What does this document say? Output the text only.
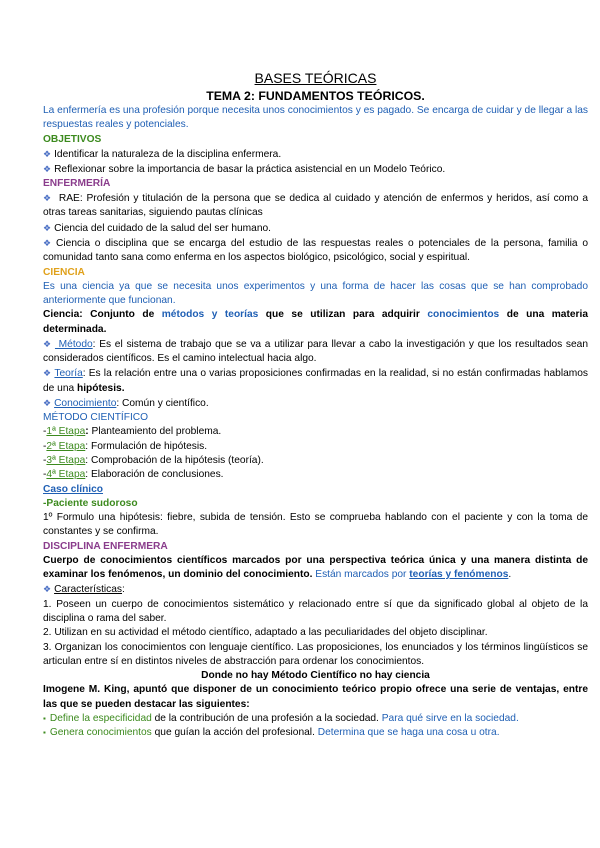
BASES TEÓRICAS
TEMA 2: FUNDAMENTOS TEÓRICOS.

La enfermería es una profesión porque necesita unos conocimientos y es pagado. Se encarga de cuidar y de llegar a las respuestas reales y potenciales.

OBJETIVOS

❖ Identificar la naturaleza de la disciplina enfermera.

❖ Reflexionar sobre la importancia de basar la práctica asistencial en un Modelo Teórico.

ENFERMERÍA

❖ RAE: Profesión y titulación de la persona que se dedica al cuidado y atención de enfermos y heridos, así como a otras tareas sanitarias, siguiendo pautas clínicas

❖ Ciencia del cuidado de la salud del ser humano.

❖ Ciencia o disciplina que se encarga del estudio de las respuestas reales o potenciales de la persona, familia o comunidad tanto sana como enferma en los aspectos biológico, psicológico, social y espiritual.

CIENCIA

Es una ciencia ya que se necesita unos experimentos y una forma de hacer las cosas que se han comprobado anteriormente que funcionan.

Ciencia: Conjunto de métodos y teorías que se utilizan para adquirir conocimientos de una materia determinada.

❖ Método: Es el sistema de trabajo que se va a utilizar para llevar a cabo la investigación y que los resultados sean considerados científicos. Es el camino intelectual hacia algo.

❖ Teoría: Es la relación entre una o varias proposiciones confirmadas en la realidad, si no están confirmadas hablamos de una hipótesis.

❖ Conocimiento: Común y científico.

MÉTODO CIENTÍFICO

-1ª Etapa: Planteamiento del problema.

-2ª Etapa: Formulación de hipótesis.

-3ª Etapa: Comprobación de la hipótesis (teoría).

-4ª Etapa: Elaboración de conclusiones.

Caso clínico

-Paciente sudoroso

1º Formulo una hipótesis: fiebre, subida de tensión. Esto se comprueba hablando con el paciente y con la toma de constantes y se confirma.

DISCIPLINA ENFERMERA

Cuerpo de conocimientos científicos marcados por una perspectiva teórica única y una manera distinta de examinar los fenómenos, un dominio del conocimiento. Están marcados por teorías y fenómenos.

❖ Características:

1. Poseen un cuerpo de conocimientos sistemático y relacionado entre sí que da significado global al objeto de la disciplina o rama del saber.

2. Utilizan en su actividad el método científico, adaptado a las peculiaridades del objeto disciplinar.

3. Organizan los conocimientos con lenguaje científico. Las proposiciones, los enunciados y los términos lingüísticos se articulan entre sí en distintos niveles de abstracción para ordenar los conocimientos.

Donde no hay Método Científico no hay ciencia

Imogene M. King, apuntó que disponer de un conocimiento teórico propio ofrece una serie de ventajas, entre las que se pueden destacar las siguientes:

▪ Define la especificidad de la contribución de una profesión a la sociedad. Para qué sirve en la sociedad.

▪ Genera conocimientos que guían la acción del profesional. Determina que se haga una cosa u otra.
